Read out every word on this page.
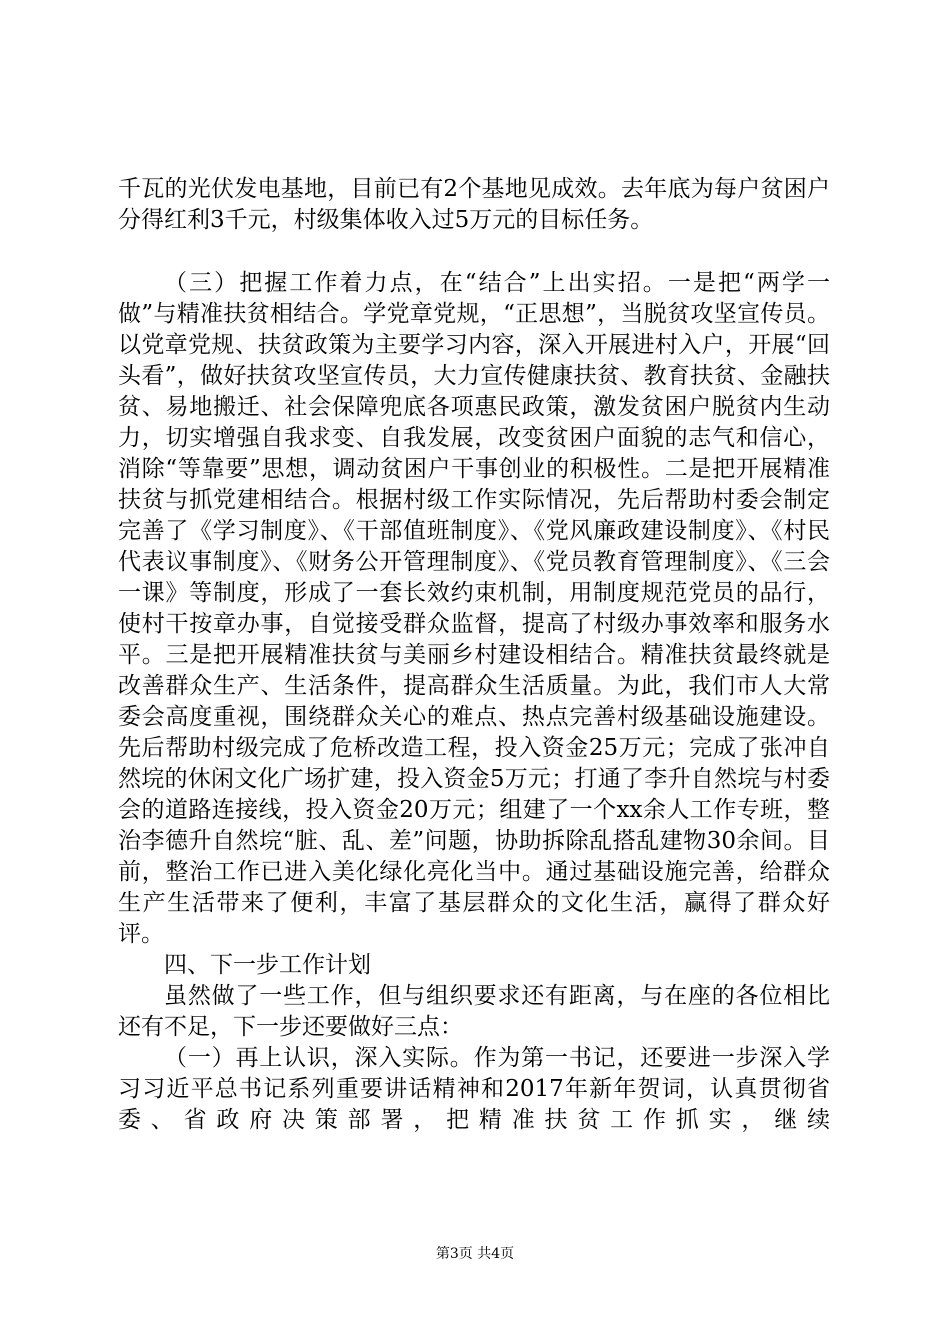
千瓦的光伏发电基地，目前已有2个基地见成效。去年底为每户贫困户分得红利3千元，村级集体收入过5万元的目标任务。

（三）把握工作着力点，在“结合”上出实招。一是把“两学一做”与精准扶贫相结合。学党章党规，“正思想”，当脱贫攻坚宣传员。以党章党规、扶贫政策为主要学习内容，深入开展进村入户，开展“回头看”，做好扶贫攻坚宣传员，大力宣传健康扶贫、教育扶贫、金融扶贫、易地搬迁、社会保障兜底各项惠民政策，激发贫困户脱贫内生动力，切实增强自我求变、自我发展，改变贫困户面貌的志气和信心，消除“等靠要”思想，调动贫困户干事创业的积极性。二是把开展精准扶贫与抓党建相结合。根据村级工作实际情况，先后帮助村委会制定完善了《学习制度》、《干部值班制度》、《党风廉政建设制度》、《村民代表议事制度》、《财务公开管理制度》、《党员教育管理制度》、《三会一课》等制度，形成了一套长效约束机制，用制度规范党员的品行，使村干按章办事，自觉接受群众监督，提高了村级办事效率和服务水平。三是把开展精准扶贫与美丽乡村建设相结合。精准扶贫最终就是改善群众生产、生活条件，提高群众生活质量。为此，我们市人大常委会高度重视，围绕群众关心的难点、热点完善村级基础设施建设。先后帮助村级完成了危桥改造工程，投入资金25万元；完成了张冲自然垸的休闲文化广场扩建，投入资金5万元；打通了李升自然垸与村委会的道路连接线，投入资金20万元；组建了一个xx余人工作专班，整治李德升自然垸“脏、乱、差”问题，协助拆除乱搭乱建物30余间。目前，整治工作已进入美化绿化亮化当中。通过基础设施完善，给群众生产生活带来了便利，丰富了基层群众的文化生活，赢得了群众好评。

四、下一步工作计划

虽然做了一些工作，但与组织要求还有距离，与在座的各位相比还有不足，下一步还要做好三点：

（一）再上认识，深入实际。作为第一书记，还要进一步深入学习习近平总书记系列重要讲话精神和2017年新年贺词，认真贯彻省委、省政府决策部署，把精准扶贫工作抓实，继续

第3页 共4页
